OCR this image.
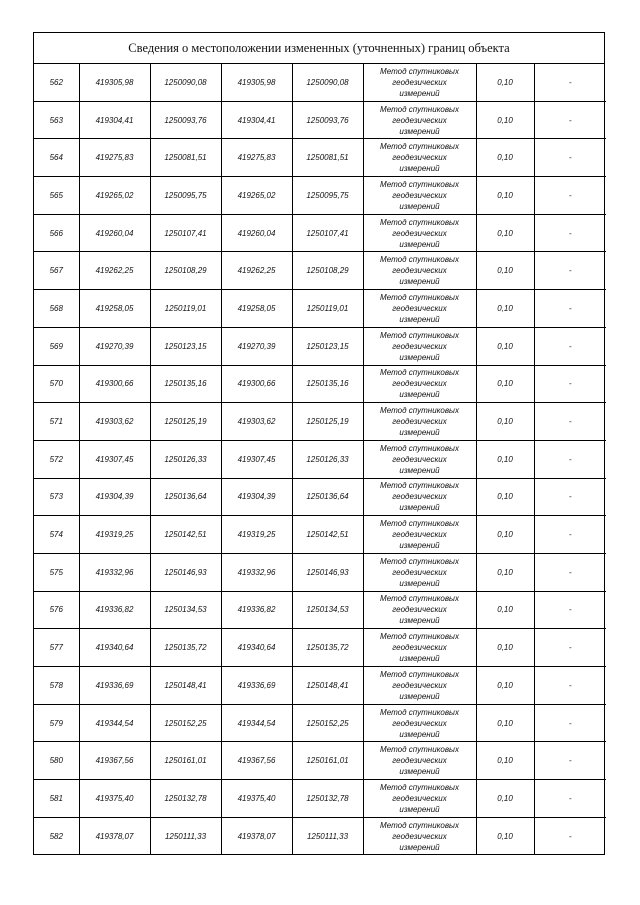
Сведения о местоположении измененных (уточненных) границ объекта
562	419305,98	1250090,08	419305,98	1250090,08	Метод спутниковых
геодезических
измерений	0,10	-
563	419304,41	1250093,76	419304,41	1250093,76	Метод спутниковых
геодезических
измерений	0,10	-
564	419275,83	1250081,51	419275,83	1250081,51	Метод спутниковых
геодезических
измерений	0,10	-
565	419265,02	1250095,75	419265,02	1250095,75	Метод спутниковых
геодезических
измерений	0,10	-
566	419260,04	1250107,41	419260,04	1250107,41	Метод спутниковых
геодезических
измерений	0,10	-
567	419262,25	1250108,29	419262,25	1250108,29	Метод спутниковых
геодезических
измерений	0,10	-
568	419258,05	1250119,01	419258,05	1250119,01	Метод спутниковых
геодезических
измерений	0,10	-
569	419270,39	1250123,15	419270,39	1250123,15	Метод спутниковых
геодезических
измерений	0,10	-
570	419300,66	1250135,16	419300,66	1250135,16	Метод спутниковых
геодезических
измерений	0,10	-
571	419303,62	1250125,19	419303,62	1250125,19	Метод спутниковых
геодезических
измерений	0,10	-
572	419307,45	1250126,33	419307,45	1250126,33	Метод спутниковых
геодезических
измерений	0,10	-
573	419304,39	1250136,64	419304,39	1250136,64	Метод спутниковых
геодезических
измерений	0,10	-
574	419319,25	1250142,51	419319,25	1250142,51	Метод спутниковых
геодезических
измерений	0,10	-
575	419332,96	1250146,93	419332,96	1250146,93	Метод спутниковых
геодезических
измерений	0,10	-
576	419336,82	1250134,53	419336,82	1250134,53	Метод спутниковых
геодезических
измерений	0,10	-
577	419340,64	1250135,72	419340,64	1250135,72	Метод спутниковых
геодезических
измерений	0,10	-
578	419336,69	1250148,41	419336,69	1250148,41	Метод спутниковых
геодезических
измерений	0,10	-
579	419344,54	1250152,25	419344,54	1250152,25	Метод спутниковых
геодезических
измерений	0,10	-
580	419367,56	1250161,01	419367,56	1250161,01	Метод спутниковых
геодезических
измерений	0,10	-
581	419375,40	1250132,78	419375,40	1250132,78	Метод спутниковых
геодезических
измерений	0,10	-
582	419378,07	1250111,33	419378,07	1250111,33	Метод спутниковых
геодезических
измерений	0,10	-
